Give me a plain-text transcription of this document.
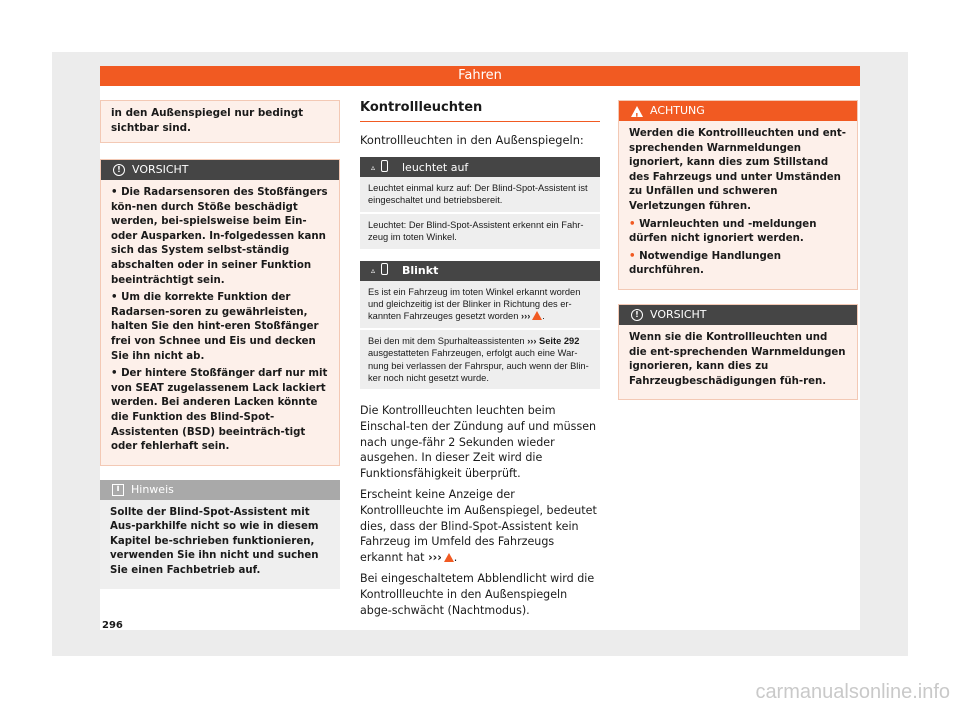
Fahren
in den Außenspiegel nur bedingt sichtbar sind.
!	VORSICHT

• Die Radarsensoren des Stoßfängers kön-nen durch Stöße beschädigt werden, bei-spielsweise beim Ein- oder Ausparken. In-folgedessen kann sich das System selbst-ständig abschalten oder in seiner Funktion beeinträchtigt sein.

• Um die korrekte Funktion der Radarsen-soren zu gewährleisten, halten Sie den hint-eren Stoßfänger frei von Schnee und Eis und decken Sie ihn nicht ab.

• Der hintere Stoßfänger darf nur mit von SEAT zugelassenem Lack lackiert werden. Bei anderen Lacken könnte die Funktion des Blind-Spot-Assistenten (BSD) beeinträch-tigt oder fehlerhaft sein.

i	Hinweis

Sollte der Blind-Spot-Assistent mit Aus-parkhilfe nicht so wie in diesem Kapitel be-schrieben funktionieren, verwenden Sie ihn nicht und suchen Sie einen Fachbetrieb auf.

Kontrollleuchten
Kontrollleuchten in den Außenspiegeln:
▵
leuchtet auf
Leuchtet einmal kurz auf: Der Blind-Spot-Assistent ist eingeschaltet und betriebsbereit.
Leuchtet: Der Blind-Spot-Assistent erkennt ein Fahr-zeug im toten Winkel.
▵
Blinkt
Es ist ein Fahrzeug im toten Winkel erkannt worden und gleichzeitig ist der Blinker in Richtung des er-kannten Fahrzeuges gesetzt worden ››› .
Bei den mit dem Spurhalteassistenten ››› Seite 292 ausgestatteten Fahrzeugen, erfolgt auch eine War-nung bei verlassen der Fahrspur, auch wenn der Blin-ker noch nicht gesetzt wurde.

Die Kontrollleuchten leuchten beim Einschal-ten der Zündung auf und müssen nach unge-fähr 2 Sekunden wieder ausgehen. In dieser Zeit wird die Funktionsfähigkeit überprüft.

Erscheint keine Anzeige der Kontrollleuchte im Außenspiegel, bedeutet dies, dass der Blind-Spot-Assistent kein Fahrzeug im Umfeld des Fahrzeugs erkannt hat ››› .

Bei eingeschaltetem Abblendlicht wird die Kontrollleuchte in den Außenspiegeln abge-schwächt (Nachtmodus).

!
ACHTUNG

Werden die Kontrollleuchten und ent-sprechenden Warnmeldungen ignoriert, kann dies zum Stillstand des Fahrzeugs und unter Umständen zu Unfällen und schweren Verletzungen führen.

• Warnleuchten und -meldungen dürfen nicht ignoriert werden.

• Notwendige Handlungen durchführen.

!	VORSICHT

Wenn sie die Kontrollleuchten und die ent-sprechenden Warnmeldungen ignorieren, kann dies zu Fahrzeugbeschädigungen füh-ren.

296
carmanualsonline.info
